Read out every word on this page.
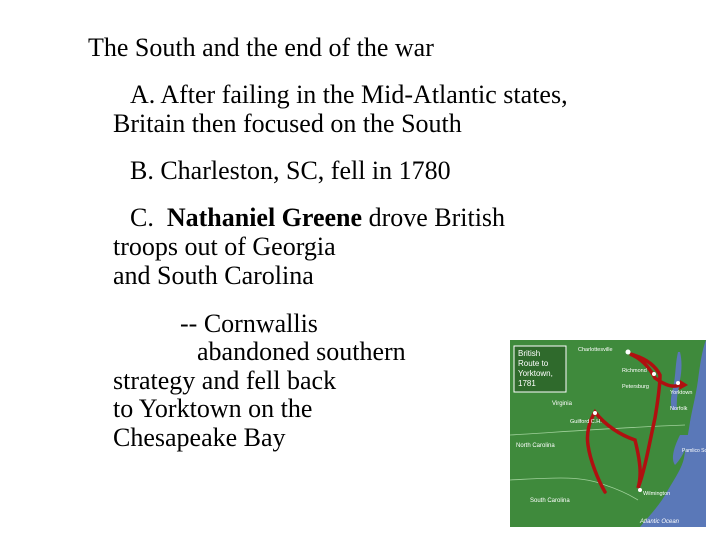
The South and the end of the war
A. After failing in the Mid-Atlantic states,
Britain then focused on the South
B. Charleston, SC, fell in 1780
C.  Nathaniel Greene drove British
troops out of Georgia
and South Carolina
-- Cornwallis
abandoned southern
strategy and fell back
to Yorktown on the
Chesapeake Bay
British
Route to
Yorktown,
1781
Charlottesville
Richmond
Petersburg
Yorktown
Norfolk
Guilford C.H.
Wilmington
Virginia
North Carolina
South Carolina
Pamlico Sound
Atlantic Ocean
